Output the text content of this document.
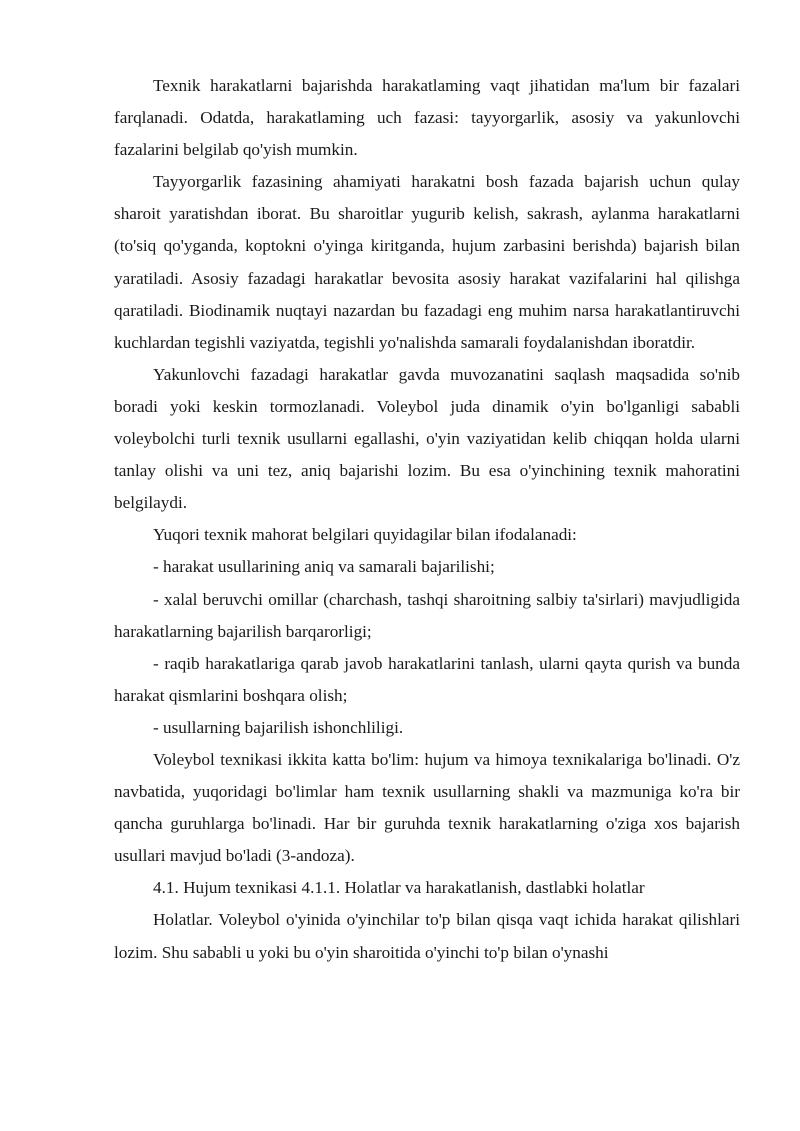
Texnik harakatlarni bajarishda harakatlaming vaqt jihatidan ma'lum bir fazalari farqlanadi. Odatda, harakatlaming uch fazasi: tayyorgarlik, asosiy va yakunlovchi fazalarini belgilab qo'yish mumkin.

Tayyorgarlik fazasining ahamiyati harakatni bosh fazada bajarish uchun qulay sharoit yaratishdan iborat. Bu sharoitlar yugurib kelish, sakrash, aylanma harakatlarni (to'siq qo'yganda, koptokni o'yinga kiritganda, hujum zarbasini berishda) bajarish bilan yaratiladi. Asosiy fazadagi harakatlar bevosita asosiy harakat vazifalarini hal qilishga qaratiladi. Biodinamik nuqtayi nazardan bu fazadagi eng muhim narsa harakatlantiruvchi kuchlardan tegishli vaziyatda, tegishli yo'nalishda samarali foydalanishdan iboratdir.

Yakunlovchi fazadagi harakatlar gavda muvozanatini saqlash maqsadida so'nib boradi yoki keskin tormozlanadi. Voleybol juda dinamik o'yin bo'lganligi sababli voleybolchi turli texnik usullarni egallashi, o'yin vaziyatidan kelib chiqqan holda ularni tanlay olishi va uni tez, aniq bajarishi lozim. Bu esa o'yinchining texnik mahoratini belgilaydi.

Yuqori texnik mahorat belgilari quyidagilar bilan ifodalanadi:

- harakat usullarining aniq va samarali bajarilishi;

- xalal beruvchi omillar (charchash, tashqi sharoitning salbiy ta'sirlari) mavjudligida harakatlarning bajarilish barqarorligi;

- raqib harakatlariga qarab javob harakatlarini tanlash, ularni qayta qurish va bunda harakat qismlarini boshqara olish;

- usullarning bajarilish ishonchliligi.

Voleybol texnikasi ikkita katta bo'lim: hujum va himoya texnikalariga bo'linadi. O'z navbatida, yuqoridagi bo'limlar ham texnik usullarning shakli va mazmuniga ko'ra bir qancha guruhlarga bo'linadi. Har bir guruhda texnik harakatlarning o'ziga xos bajarish usullari mavjud bo'ladi (3-andoza).

4.1. Hujum texnikasi 4.1.1. Holatlar va harakatlanish, dastlabki holatlar

Holatlar. Voleybol o'yinida o'yinchilar to'p bilan qisqa vaqt ichida harakat qilishlari lozim. Shu sababli u yoki bu o'yin sharoitida o'yinchi to'p bilan o'ynashi
